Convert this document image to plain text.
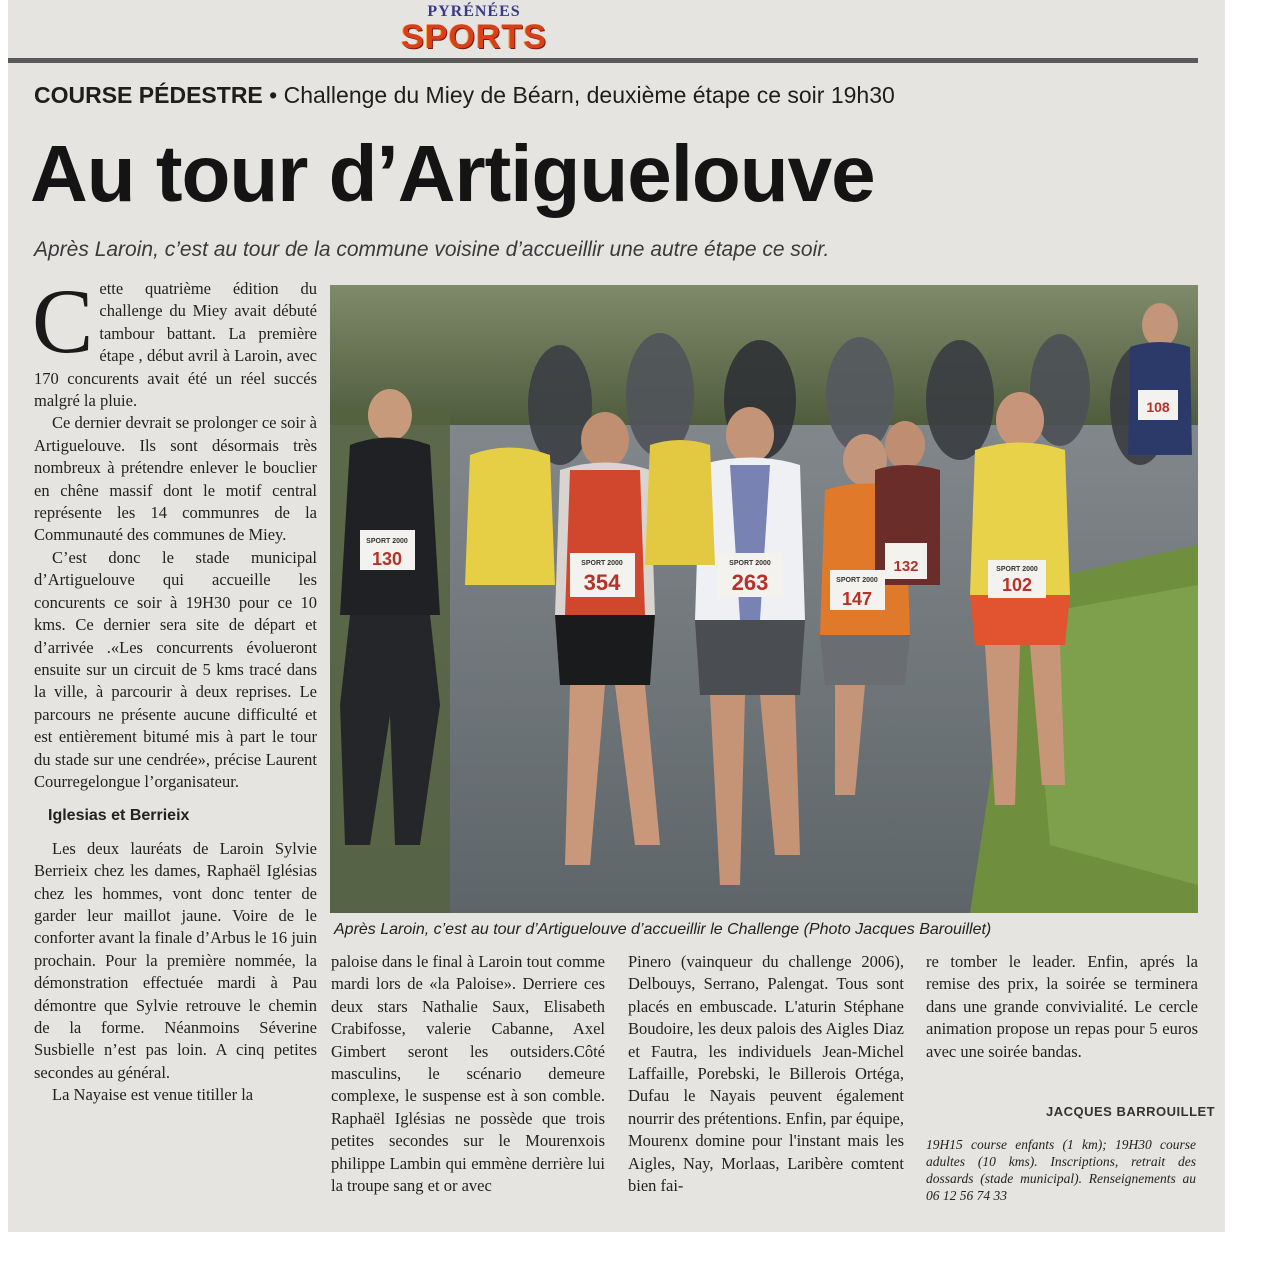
PYRÉNÉES
SPORTS
COURSE PÉDESTRE • Challenge du Miey de Béarn, deuxième étape ce soir 19h30
Au tour d’Artiguelouve
Après Laroin, c’est au tour de la commune voisine d’accueillir une autre étape ce soir.

Cette quatrième édition du challenge du Miey avait débuté tambour battant. La première étape , début avril à Laroin, avec 170 concurents avait été un réel succés malgré la pluie.

Ce dernier devrait se prolonger ce soir à Artiguelouve. Ils sont désormais très nombreux à prétendre enlever le bouclier en chêne massif dont le motif central représente les 14 communres de la Communauté des communes de Miey.

C’est donc le stade municipal d’Artiguelouve qui accueille les concurents ce soir à 19H30 pour ce 10 kms. Ce dernier sera site de départ et d’arrivée .«Les concurrents évolueront ensuite sur un circuit de 5 kms tracé dans la ville, à parcourir à deux reprises. Le parcours ne présente aucune difficulté et est entièrement bitumé mis à part le tour du stade sur une cendrée», précise Laurent Courregelongue l’organisateur.

Iglesias et Berrieix

Les deux lauréats de Laroin Sylvie Berrieix chez les dames, Raphaël Iglésias chez les hommes, vont donc tenter de garder leur maillot jaune. Voire de le conforter avant la finale d’Arbus le 16 juin prochain. Pour la première nommée, la démonstration effectuée mardi à Pau démontre que Sylvie retrouve le chemin de la forme. Néanmoins Séverine Susbielle n’est pas loin. A cinq petites secondes au général.

La Nayaise est venue titiller la

SPORT 2000
130	SPORT 2000
354
SPORT 2000
263	SPORT 2000
147
132	SPORT 2000
102
108
Après Laroin, c’est au tour d’Artiguelouve d’accueillir le Challenge (Photo Jacques Barouillet)

paloise dans le final à Laroin tout comme mardi lors de «la Paloise». Derriere ces deux stars Nathalie Saux, Elisabeth Crabifosse, valerie Cabanne, Axel Gimbert seront les outsiders.Côté masculins, le scénario demeure complexe, le suspense est à son comble. Raphaël Iglésias ne possède que trois petites secondes sur le Mourenxois philippe Lambin qui emmène derrière lui la troupe sang et or avec

Pinero (vainqueur du challenge 2006), Delbouys, Serrano, Palengat. Tous sont placés en embuscade. L'aturin Stéphane Boudoire, les deux palois des Aigles Diaz et Fautra, les individuels Jean-Michel Laffaille, Porebski, le Billerois Ortéga, Dufau le Nayais peuvent également nourrir des prétentions. Enfin, par équipe, Mourenx domine pour l'instant mais les Aigles, Nay, Morlaas, Laribère comtent bien fai-

re tomber le leader. Enfin, aprés la remise des prix, la soirée se terminera dans une grande convivialité. Le cercle animation propose un repas pour 5 euros avec une soirée bandas.

JACQUES BARROUILLET
19H15 course enfants (1 km); 19H30 course adultes (10 kms). Inscriptions, retrait des dossards (stade municipal). Renseignements au 06 12 56 74 33
